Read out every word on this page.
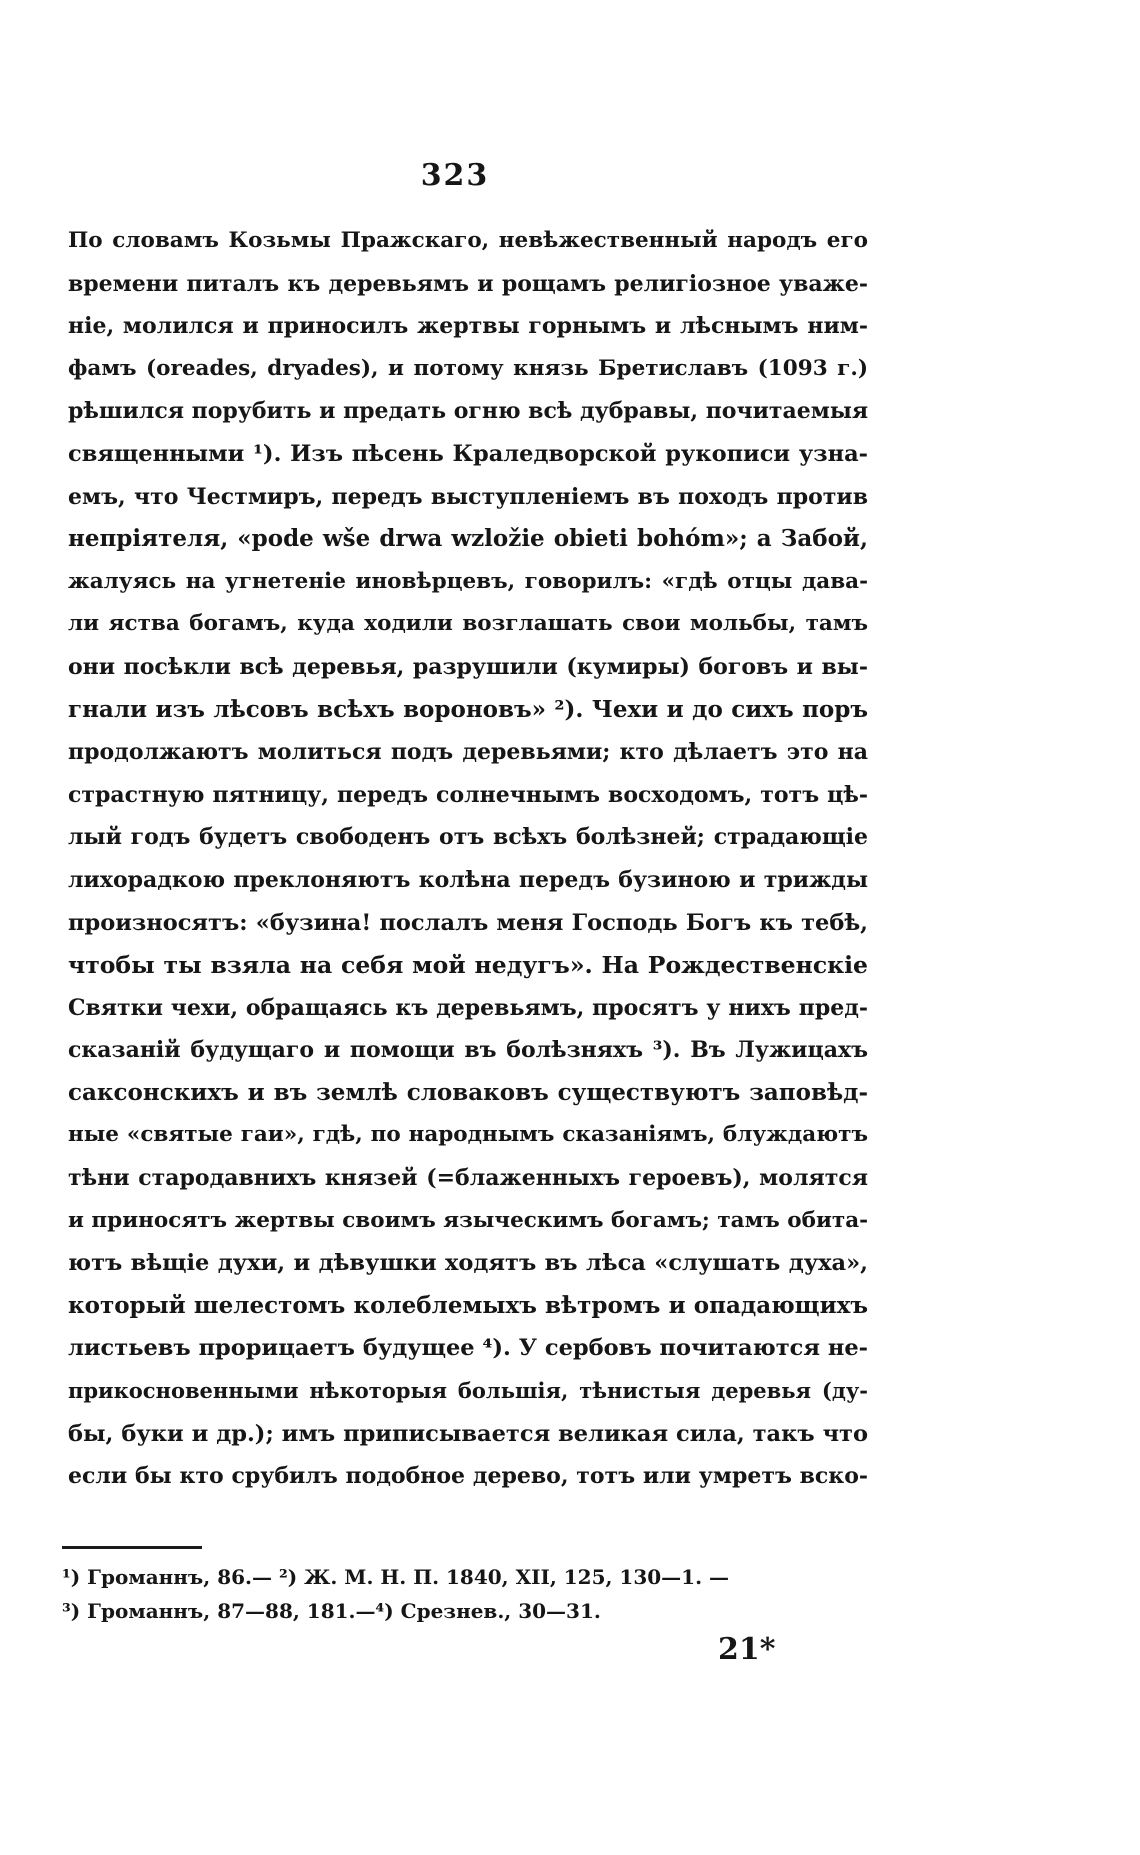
323
По словамъ Козьмы Пражскаго, невѣжественный народъ его
времени питалъ къ деревьямъ и рощамъ религіозное уваже-
ніе, молился и приносилъ жертвы горнымъ и лѣснымъ ним-
фамъ (oreades, dryades), и потому князь Бретиславъ (1093 г.)
рѣшился порубить и предать огню всѣ дубравы, почитаемыя
священными ¹). Изъ пѣсень Краледворской рукописи узна-
емъ, что Честмиръ, передъ выступленіемъ въ походъ против
непріятеля, «pode wše drwa wzložie obieti bohóm»; а Забой,
жалуясь на угнетеніе иновѣрцевъ, говорилъ: «гдѣ отцы дава-
ли яства богамъ, куда ходили возглашать свои мольбы, тамъ
они посѣкли всѣ деревья, разрушили (кумиры) боговъ и вы-
гнали изъ лѣсовъ всѣхъ вороновъ» ²). Чехи и до сихъ поръ
продолжаютъ молиться подъ деревьями; кто дѣлаетъ это на
страстную пятницу, передъ солнечнымъ восходомъ, тотъ цѣ-
лый годъ будетъ свободенъ отъ всѣхъ болѣзней; страдающіе
лихорадкою преклоняютъ колѣна передъ бузиною и трижды
произносятъ: «бузина! послалъ меня Господь Богъ къ тебѣ,
чтобы ты взяла на себя мой недугъ». На Рождественскіе
Святки чехи, обращаясь къ деревьямъ, просятъ у нихъ пред-
сказаній будущаго и помощи въ болѣзняхъ ³). Въ Лужицахъ
саксонскихъ и въ землѣ словаковъ существуютъ заповѣд-
ные «святые гаи», гдѣ, по народнымъ сказаніямъ, блуждаютъ
тѣни стародавнихъ князей (=блаженныхъ героевъ), молятся
и приносятъ жертвы своимъ языческимъ богамъ; тамъ обита-
ютъ вѣщіе духи, и дѣвушки ходятъ въ лѣса «слушать духа»,
который шелестомъ колеблемыхъ вѣтромъ и опадающихъ
листьевъ прорицаетъ будущее ⁴). У сербовъ почитаются не-
прикосновенными нѣкоторыя большія, тѣнистыя деревья (ду-
бы, буки и др.); имъ приписывается великая сила, такъ что
если бы кто срубилъ подобное дерево, тотъ или умретъ вско-
¹) Громаннъ, 86.— ²) Ж. М. Н. П. 1840, XII, 125, 130—1. —
³) Громаннъ, 87—88, 181.—⁴) Срезнев., 30—31.
21*
